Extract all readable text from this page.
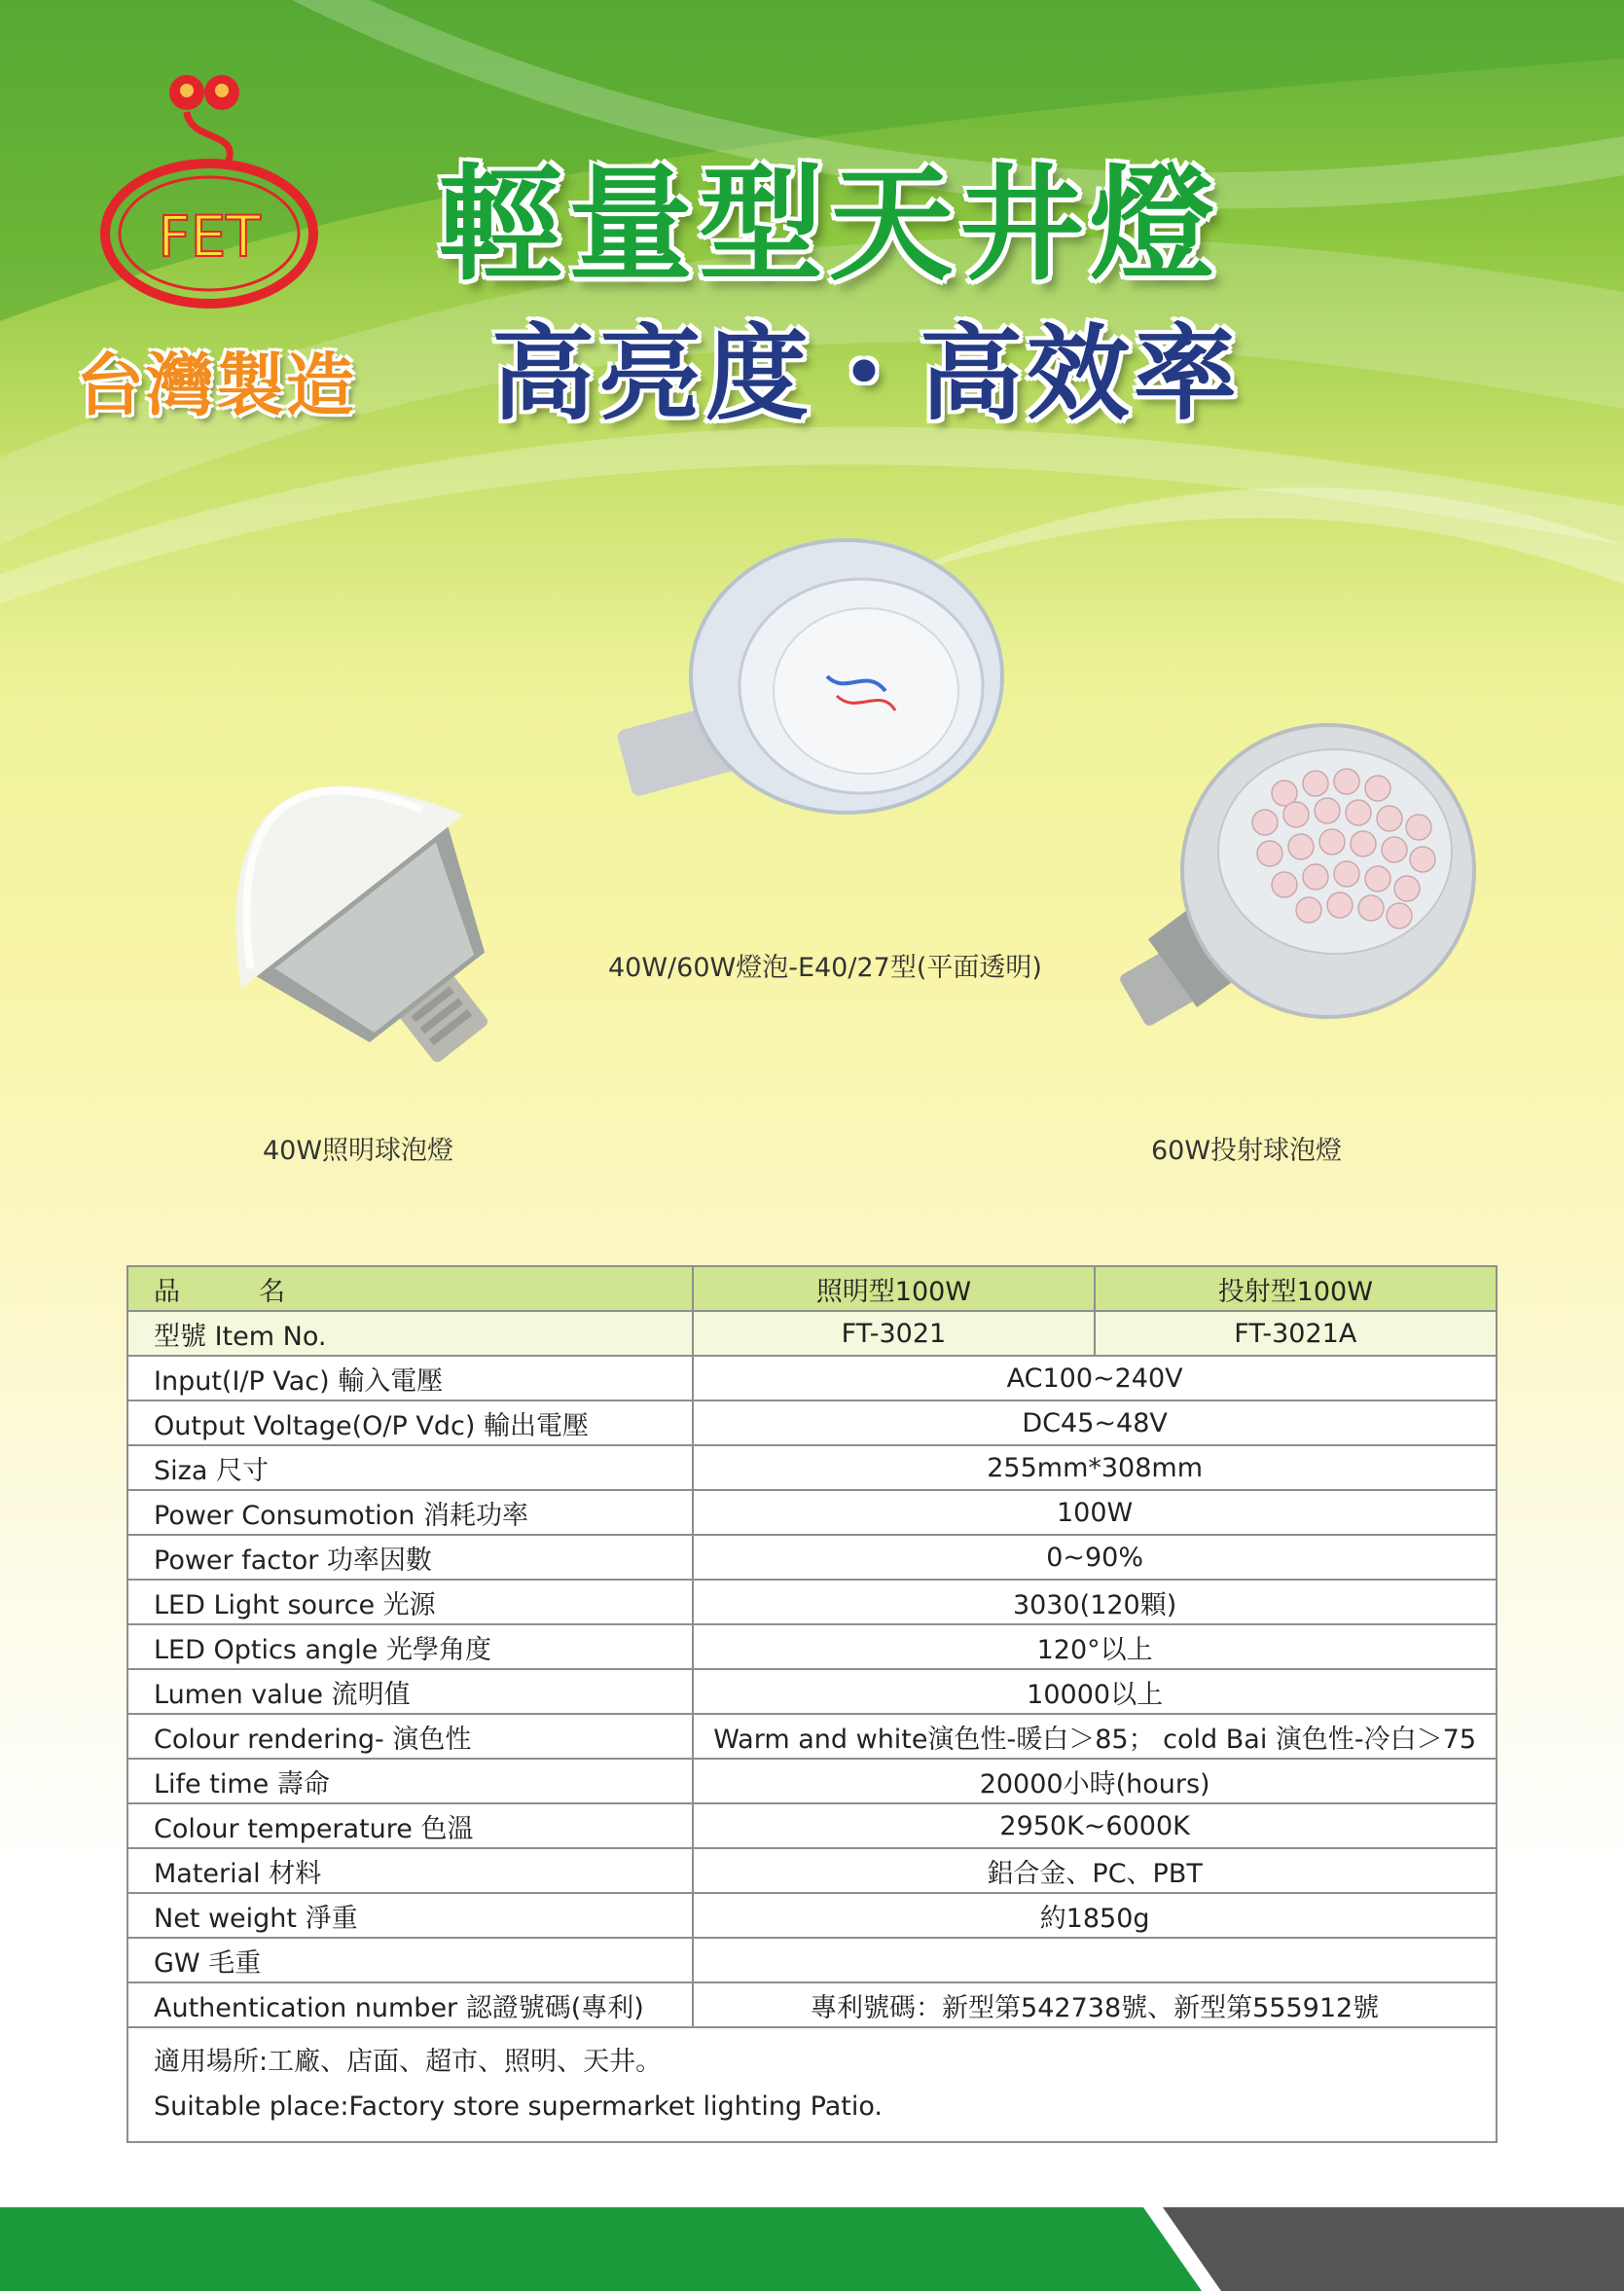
FET
台灣製造
輕量型天井燈
高亮度・高效率
40W照明球泡燈
40W/60W燈泡-E40/27型(平面透明)
60W投射球泡燈
品　　　名	照明型100W	投射型100W
型號 Item No.	FT-3021	FT-3021A
Input(I/P Vac) 輸入電壓	AC100~240V	
Output Voltage(O/P Vdc) 輸出電壓	DC45~48V	
Siza 尺寸	255mm*308mm	
Power Consumotion 消耗功率	100W	
Power factor 功率因數	0~90%	
LED Light source 光源	3030(120顆)	
LED Optics angle 光學角度	120°以上	
Lumen value 流明值	10000以上	
Colour rendering- 演色性	Warm and white演色性-暖白＞85； cold Bai 演色性-冷白＞75	
Life time 壽命	20000小時(hours)	
Colour temperature 色溫	2950K~6000K	
Material 材料	鋁合金、PC、PBT	
Net weight 淨重	約1850g	
GW 毛重		
Authentication number 認證號碼(專利)	專利號碼：新型第542738號、新型第555912號	

適用場所:工廠、店面、超市、照明、天井。
Suitable place:Factory store supermarket lighting Patio.		
